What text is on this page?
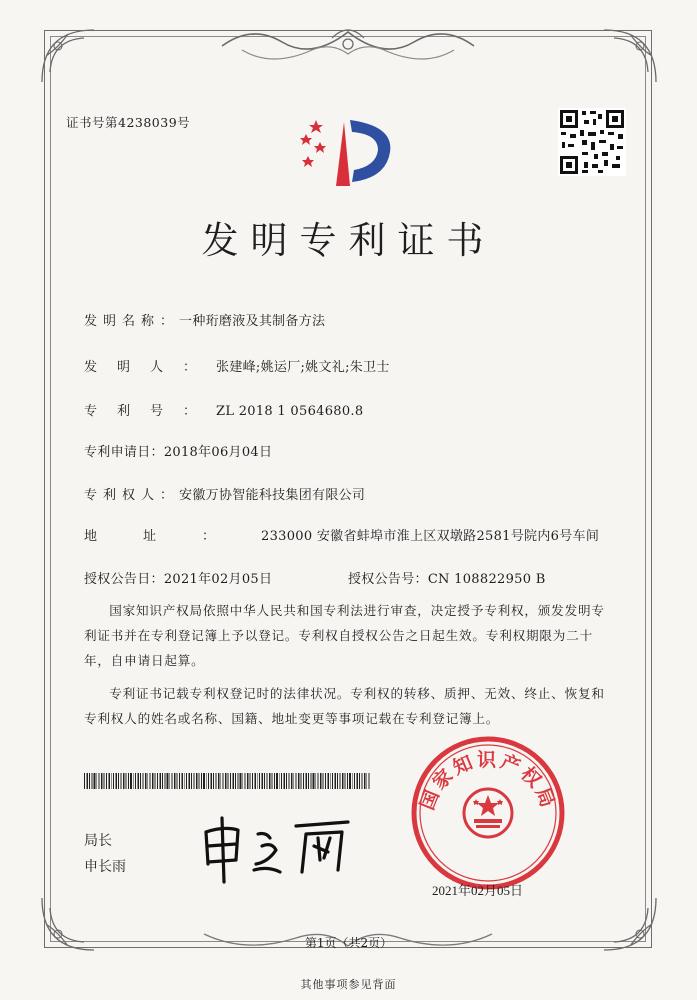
证书号第4238039号
发明专利证书
发明名称：一种珩磨液及其制备方法
发明人：张建峰;姚运厂;姚文礼;朱卫士
专利号：ZL 2018 1 0564680.8
专利申请日：2018年06月04日
专利权人：安徽万协智能科技集团有限公司
地址：233000 安徽省蚌埠市淮上区双墩路2581号院内6号车间
授权公告日：2021年02月05日	授权公告号：CN 108822950 B

国家知识产权局依照中华人民共和国专利法进行审查，决定授予专利权，颁发发明专利证书并在专利登记簿上予以登记。专利权自授权公告之日起生效。专利权期限为二十年，自申请日起算。

专利证书记载专利权登记时的法律状况。专利权的转移、质押、无效、终止、恢复和专利权人的姓名或名称、国籍、地址变更等事项记载在专利登记簿上。

局长
申长雨
国家知识产权局
2021年02月05日
第1页（共2页）
其他事项参见背面
